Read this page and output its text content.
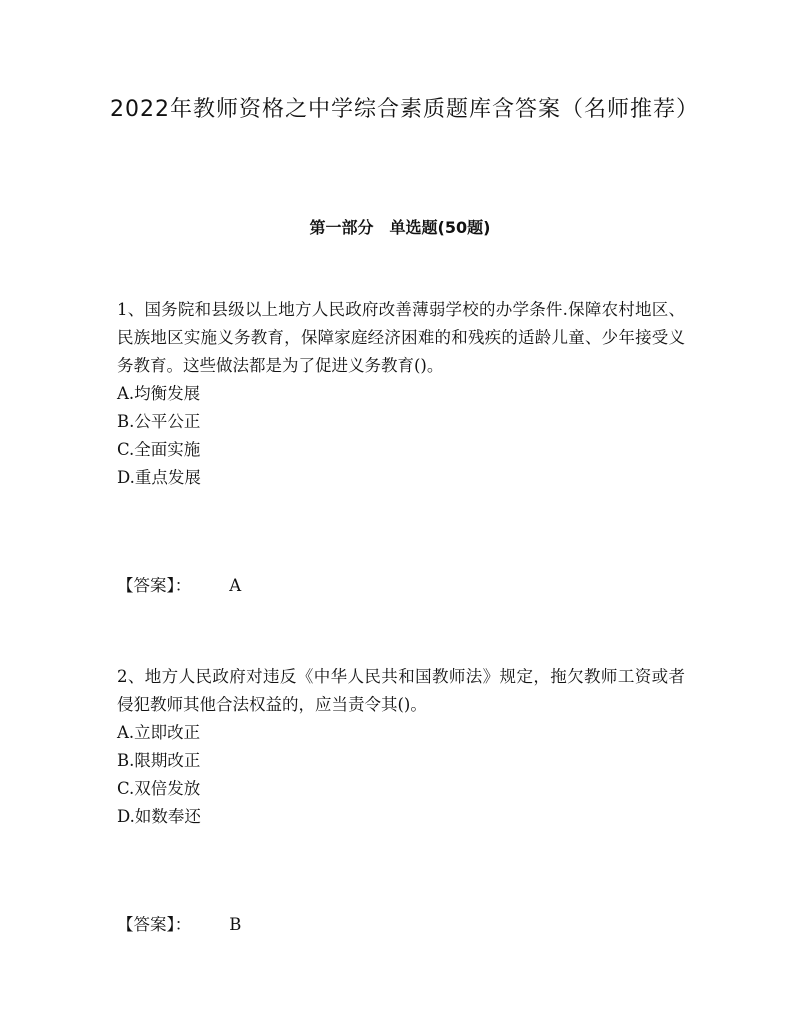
2022年教师资格之中学综合素质题库含答案（名师推荐）
第一部分　单选题(50题)

1、国务院和县级以上地方人民政府改善薄弱学校的办学条件.保障农村地区、民族地区实施义务教育，保障家庭经济困难的和残疾的适龄儿童、少年接受义务教育。这些做法都是为了促进义务教育()。

A.均衡发展

B.公平公正

C.全面实施

D.重点发展

【答案】： A

2、地方人民政府对违反《中华人民共和国教师法》规定，拖欠教师工资或者侵犯教师其他合法权益的，应当责令其()。

A.立即改正

B.限期改正

C.双倍发放

D.如数奉还

【答案】： B
